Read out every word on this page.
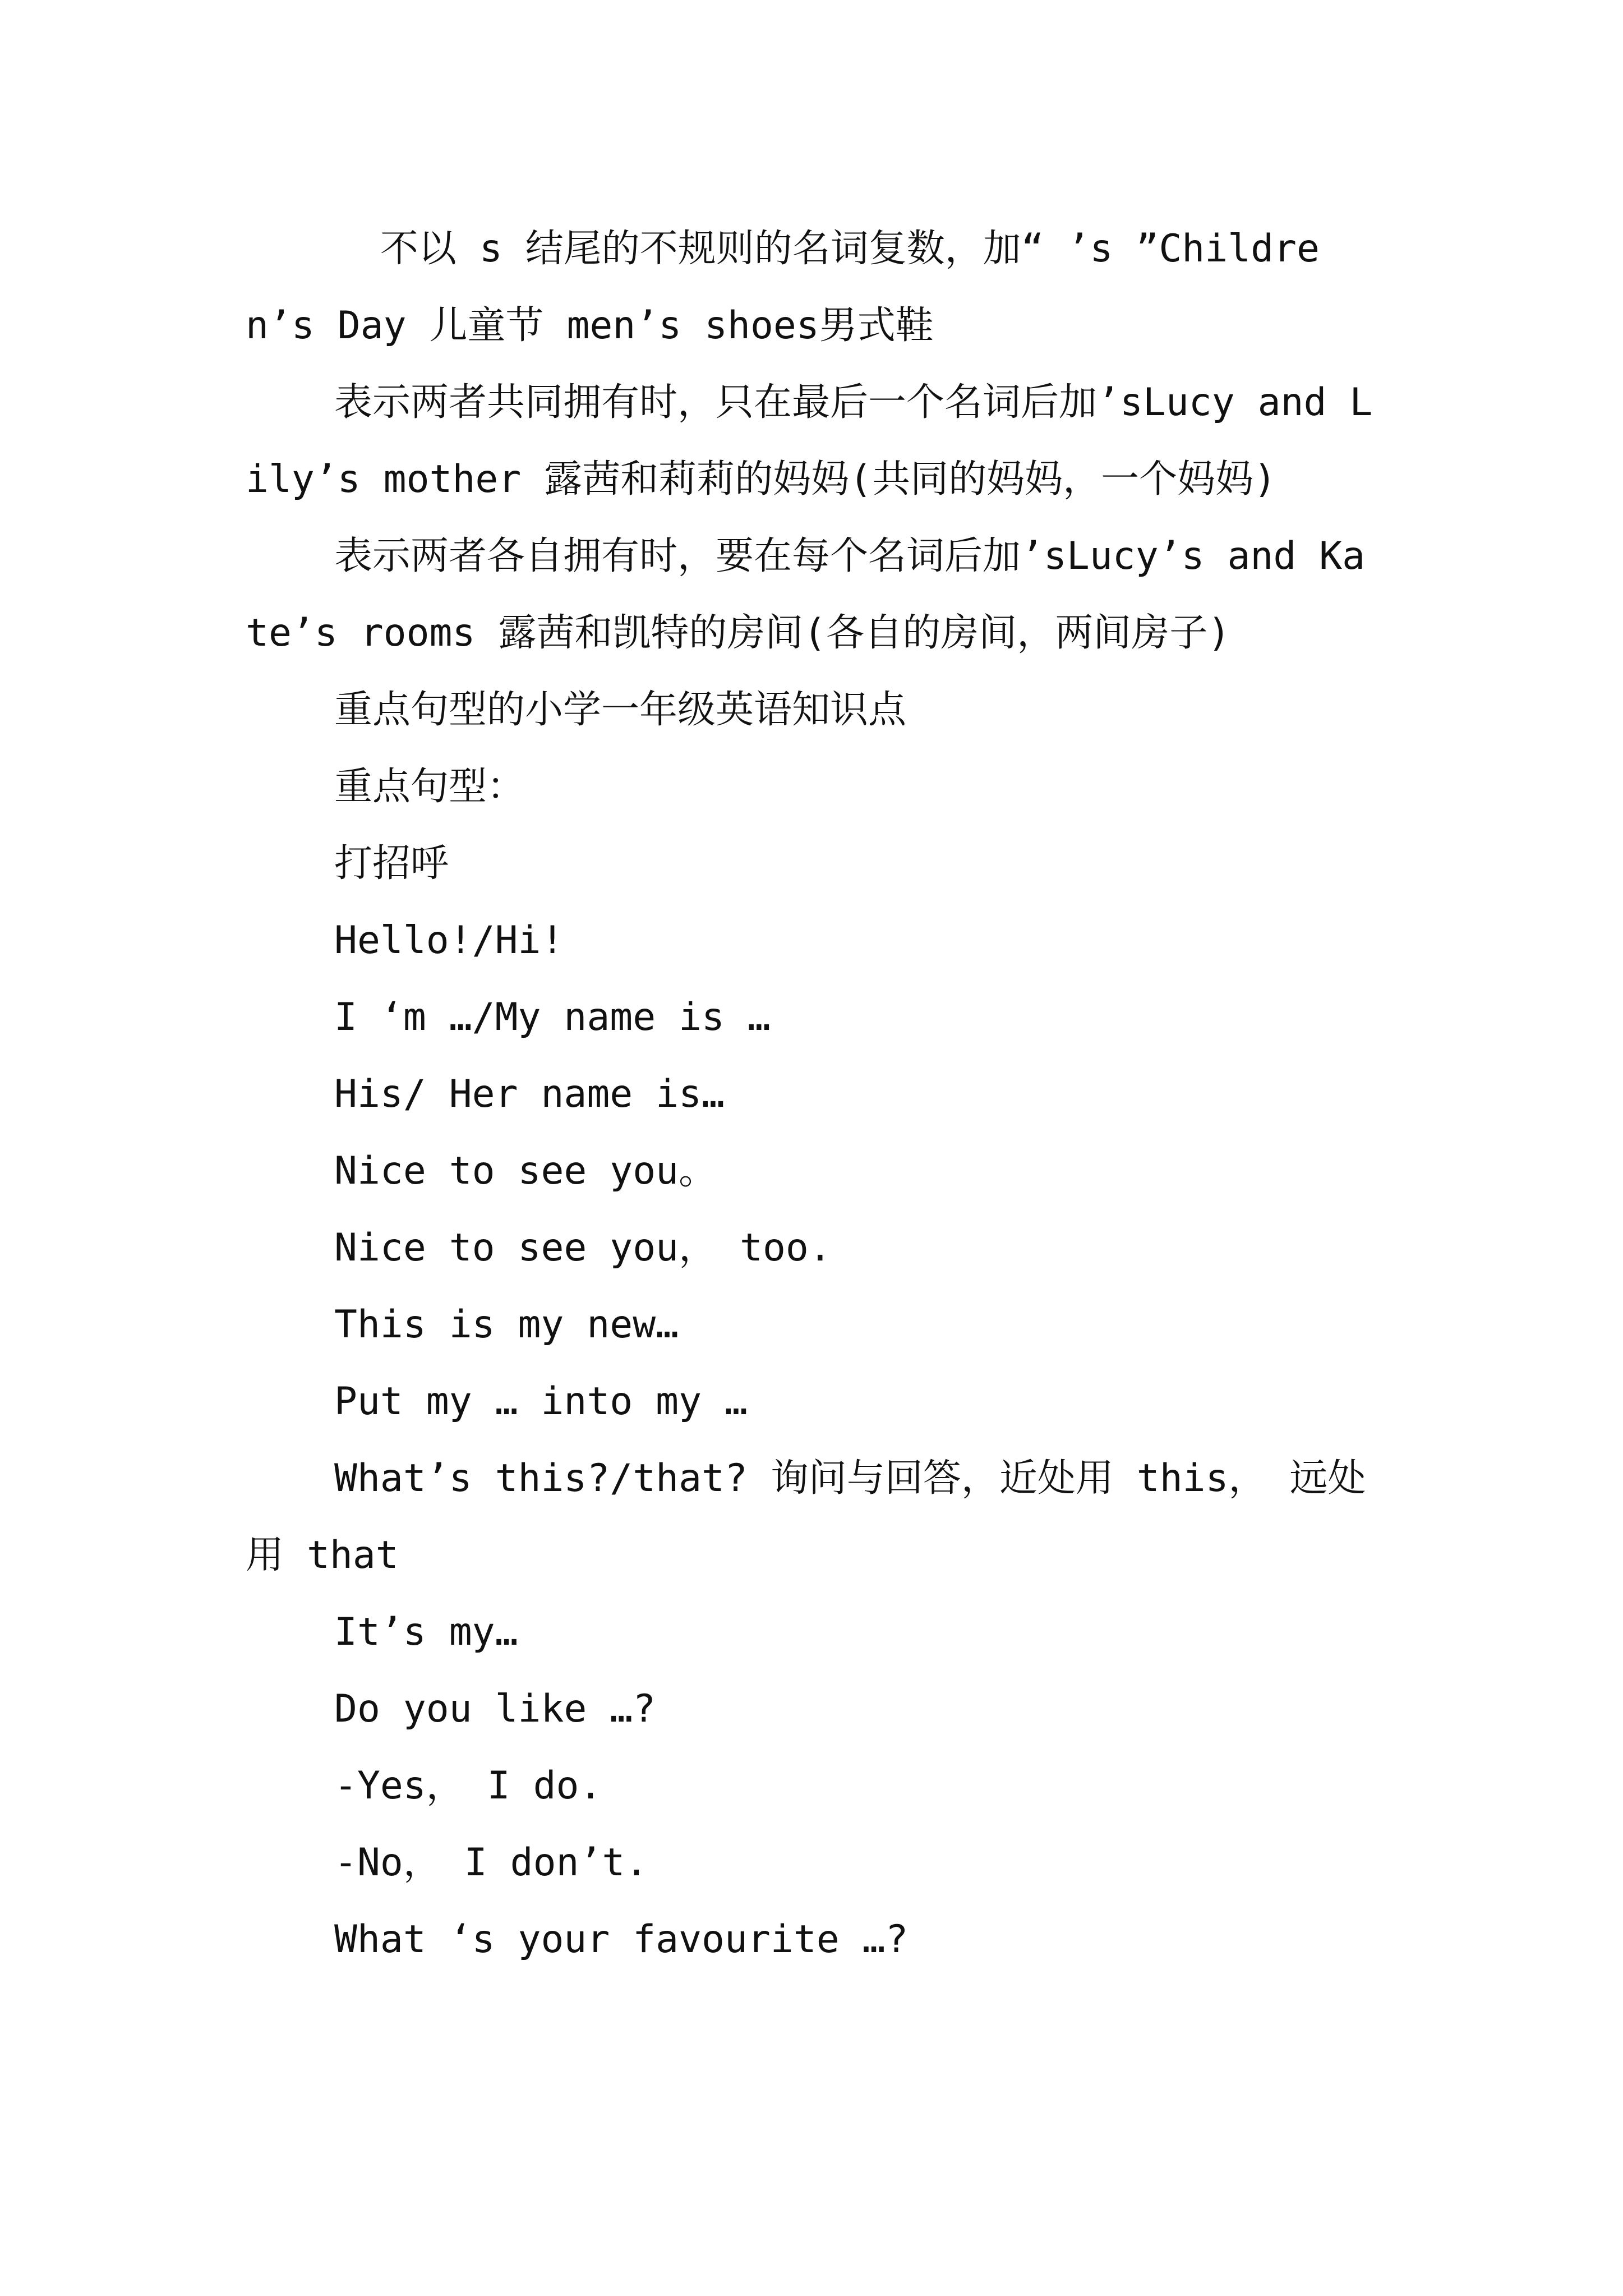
不以 s 结尾的不规则的名词复数，加“ ’s ”Children’s Day 儿童节 men’s shoes男式鞋

表示两者共同拥有时，只在最后一个名词后加’sLucy and Lily’s mother 露茜和莉莉的妈妈(共同的妈妈，一个妈妈)

表示两者各自拥有时，要在每个名词后加’sLucy’s and Kate’s rooms 露茜和凯特的房间(各自的房间，两间房子)

重点句型的小学一年级英语知识点

重点句型：

打招呼

Hello!/Hi!

I ‘m …/My name is …

His/ Her name is…

Nice to see you。

Nice to see you， too.

This is my new…

Put my … into my …

What’s this?/that? 询问与回答，近处用 this， 远处用 that

It’s my…

Do you like …?

-Yes， I do.

-No， I don’t.

What ‘s your favourite …?
